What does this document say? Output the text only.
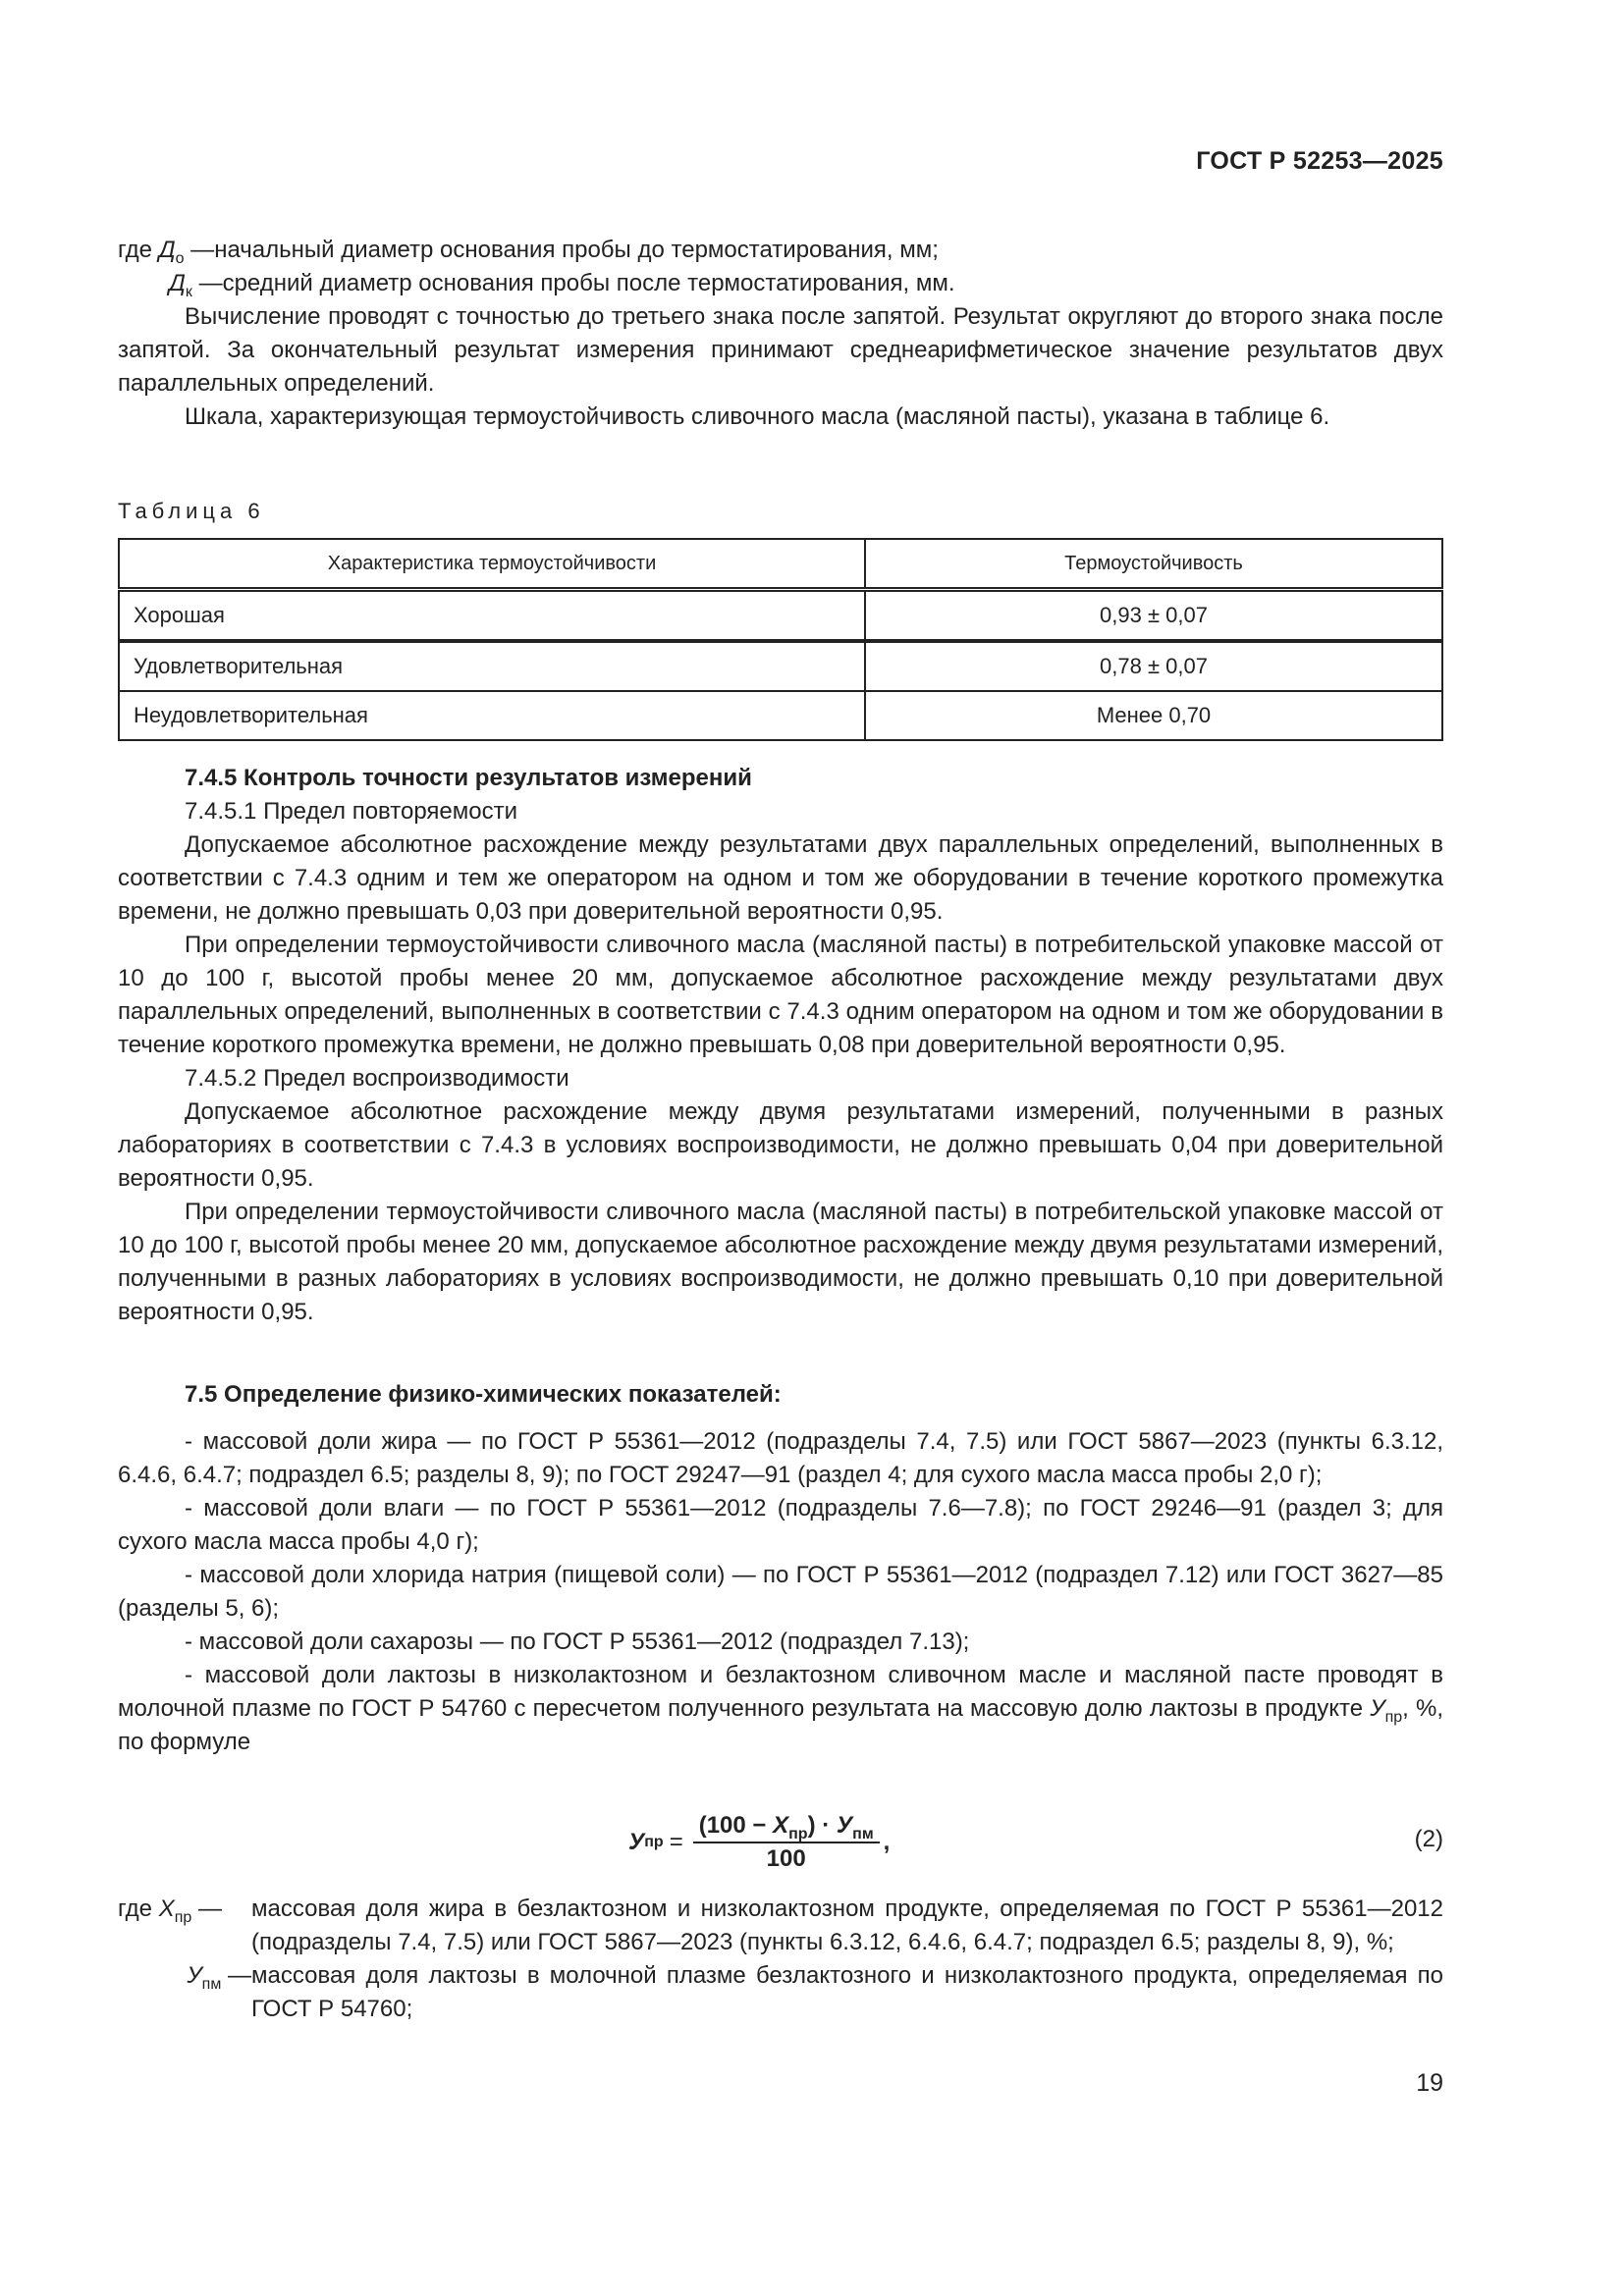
ГОСТ Р 52253—2025
где $Д_о$ — начальный диаметр основания пробы до термостатирования, мм;
$Д_к$ — средний диаметр основания пробы после термостатирования, мм.

Вычисление проводят с точностью до третьего знака после запятой. Результат округляют до второго знака после запятой. За окончательный результат измерения принимают среднеарифметическое значение результатов двух параллельных определений.

Шкала, характеризующая термоустойчивость сливочного масла (масляной пасты), указана в таблице 6.

Таблица 6
Характеристика термоустойчивости	Термоустойчивость
Хорошая	0,93 ± 0,07
Удовлетворительная	0,78 ± 0,07
Неудовлетворительная	Менее 0,70

7.4.5 Контроль точности результатов измерений

7.4.5.1 Предел повторяемости

Допускаемое абсолютное расхождение между результатами двух параллельных определений, выполненных в соответствии с 7.4.3 одним и тем же оператором на одном и том же оборудовании в течение короткого промежутка времени, не должно превышать 0,03 при доверительной вероятности 0,95.

При определении термоустойчивости сливочного масла (масляной пасты) в потребительской упаковке массой от 10 до 100 г, высотой пробы менее 20 мм, допускаемое абсолютное расхождение между результатами двух параллельных определений, выполненных в соответствии с 7.4.3 одним оператором на одном и том же оборудовании в течение короткого промежутка времени, не должно превышать 0,08 при доверительной вероятности 0,95.

7.4.5.2 Предел воспроизводимости

Допускаемое абсолютное расхождение между двумя результатами измерений, полученными в разных лабораториях в соответствии с 7.4.3 в условиях воспроизводимости, не должно превышать 0,04 при доверительной вероятности 0,95.

При определении термоустойчивости сливочного масла (масляной пасты) в потребительской упаковке массой от 10 до 100 г, высотой пробы менее 20 мм, допускаемое абсолютное расхождение между двумя результатами измерений, полученными в разных лабораториях в условиях воспроизводимости, не должно превышать 0,10 при доверительной вероятности 0,95.

7.5 Определение физико-химических показателей:

- массовой доли жира — по ГОСТ Р 55361—2012 (подразделы 7.4, 7.5) или ГОСТ 5867—2023 (пункты 6.3.12, 6.4.6, 6.4.7; подраздел 6.5; разделы 8, 9); по ГОСТ 29247—91 (раздел 4; для сухого масла масса пробы 2,0 г);

- массовой доли влаги — по ГОСТ Р 55361—2012 (подразделы 7.6—7.8); по ГОСТ 29246—91 (раздел 3; для сухого масла масса пробы 4,0 г);

- массовой доли хлорида натрия (пищевой соли) — по ГОСТ Р 55361—2012 (подраздел 7.12) или ГОСТ 3627—85 (разделы 5, 6);

- массовой доли сахарозы — по ГОСТ Р 55361—2012 (подраздел 7.13);

- массовой доли лактозы в низколактозном и безлактозном сливочном масле и масляной пасте проводят в молочной плазме по ГОСТ Р 54760 с пересчетом полученного результата на массовую долю лактозы в продукте $У_{пр}$, %, по формуле

У пр = $\frac{(100 - X_{пр}) \cdot У_{пм}}{100}$ ,	(2)
где $X_{пр}$ —	массовая доля жира в безлактозном и низколактозном продукте, определяемая по ГОСТ Р 55361—2012 (подразделы 7.4, 7.5) или ГОСТ 5867—2023 (пункты 6.3.12, 6.4.6, 6.4.7; подраздел 6.5; разделы 8, 9), %;
$У_{пм}$ — массовая доля лактозы в молочной плазме безлактозного и низколактозного продукта, определяемая по ГОСТ Р 54760;
19
